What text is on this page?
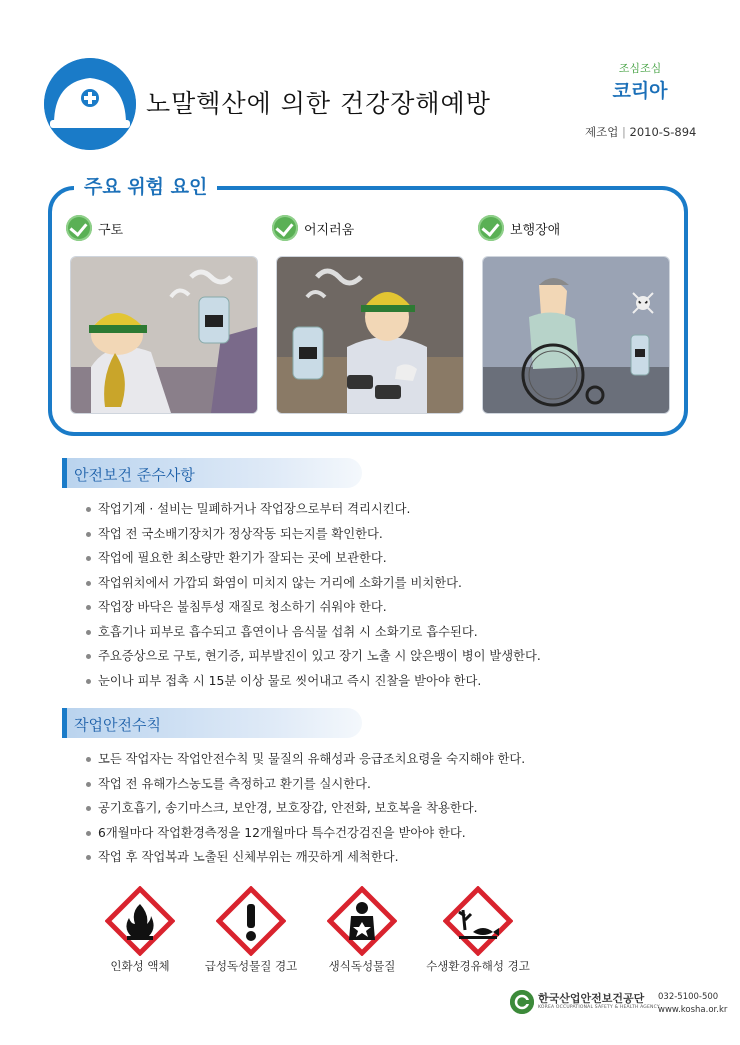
노말헥산에 의한 건강장해예방
조심조심
코리아
제조업 | 2010-S-894
주요 위험 요인
구토	어지러움	보행장애
안전보건 준수사항
작업기계 · 설비는 밀폐하거나 작업장으로부터 격리시킨다.
작업 전 국소배기장치가 정상작동 되는지를 확인한다.
작업에 필요한 최소량만 환기가 잘되는 곳에 보관한다.
작업위치에서 가깝되 화염이 미치지 않는 거리에 소화기를 비치한다.
작업장 바닥은 불침투성 재질로 청소하기 쉬워야 한다.
호흡기나 피부로 흡수되고 흡연이나 음식물 섭취 시 소화기로 흡수된다.
주요증상으로 구토, 현기증, 피부발진이 있고 장기 노출 시 앉은뱅이 병이 발생한다.
눈이나 피부 접촉 시 15분 이상 물로 씻어내고 즉시 진찰을 받아야 한다.
작업안전수칙
모든 작업자는 작업안전수칙 및 물질의 유해성과 응급조치요령을 숙지해야 한다.
작업 전 유해가스농도를 측정하고 환기를 실시한다.
공기호흡기, 송기마스크, 보안경, 보호장갑, 안전화, 보호복을 착용한다.
6개월마다 작업환경측정을 12개월마다 특수건강검진을 받아야 한다.
작업 후 작업복과 노출된 신체부위는 깨끗하게 세척한다.
인화성 액체	급성독성물질 경고	생식독성물질	수생환경유해성 경고
한국산업안전보건공단
KOREA OCCUPATIONAL SAFETY & HEALTH AGENCY
032-5100-500
www.kosha.or.kr
